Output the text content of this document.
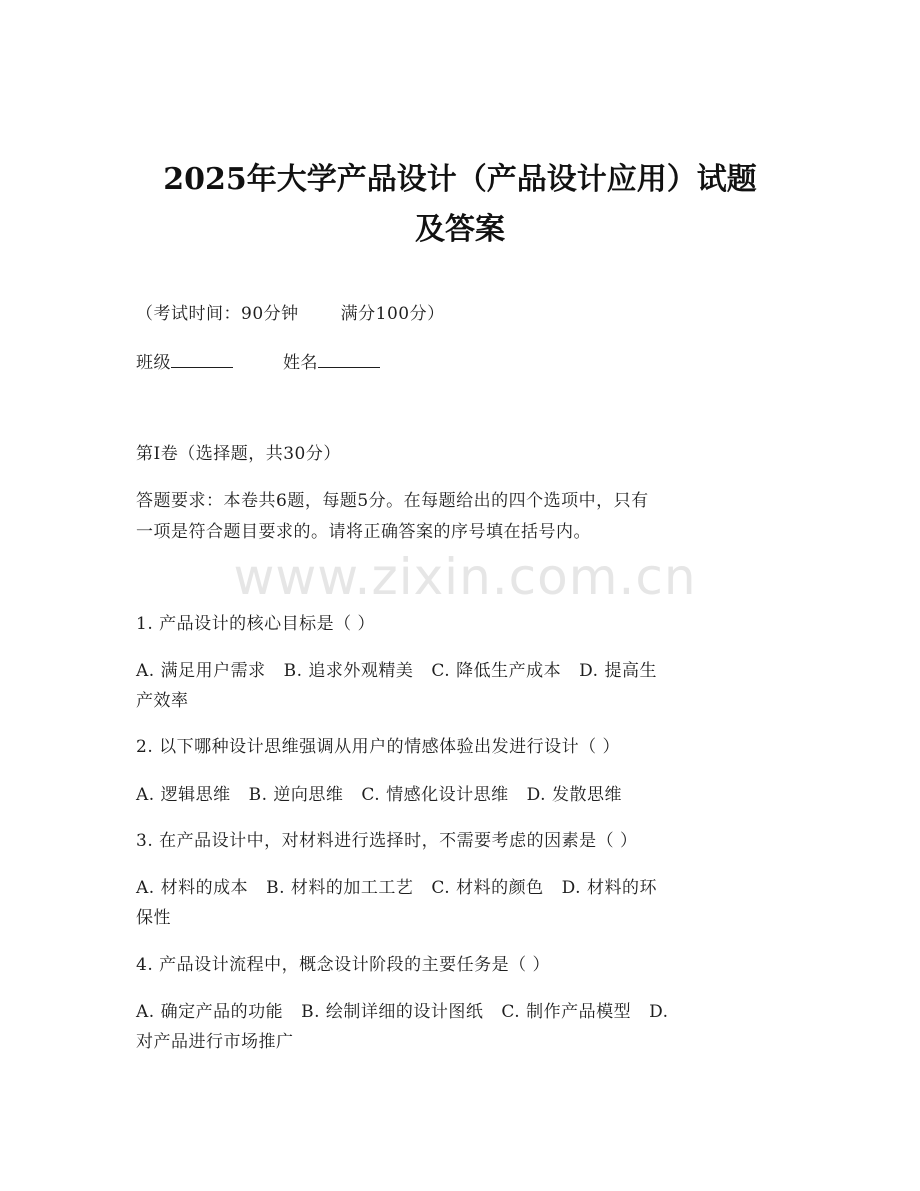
2025年大学产品设计（产品设计应用）试题
及答案
（考试时间：90分钟 满分100分）
班级	姓名
第Ⅰ卷（选择题，共30分）
答题要求：本卷共6题，每题5分。在每题给出的四个选项中，只有
一项是符合题目要求的。请将正确答案的序号填在括号内。
www.zixin.com.cn
1. 产品设计的核心目标是（ ）
A. 满足用户需求 B. 追求外观精美 C. 降低生产成本 D. 提高生
产效率
2. 以下哪种设计思维强调从用户的情感体验出发进行设计（ ）
A. 逻辑思维 B. 逆向思维 C. 情感化设计思维 D. 发散思维
3. 在产品设计中，对材料进行选择时，不需要考虑的因素是（ ）
A. 材料的成本 B. 材料的加工工艺 C. 材料的颜色 D. 材料的环
保性
4. 产品设计流程中，概念设计阶段的主要任务是（ ）
A. 确定产品的功能 B. 绘制详细的设计图纸 C. 制作产品模型 D.
对产品进行市场推广
